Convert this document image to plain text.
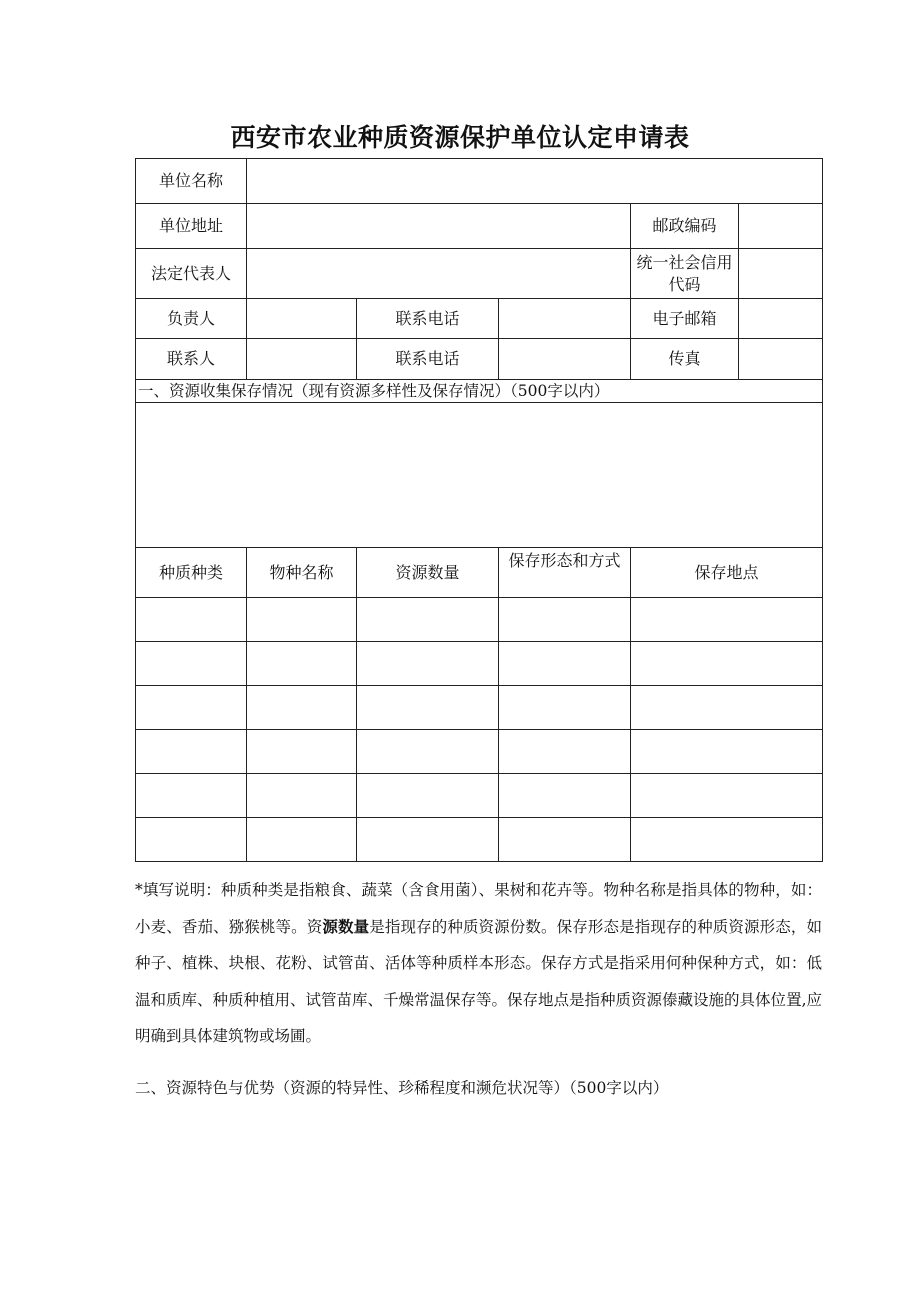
西安市农业种质资源保护单位认定申请表
单位名称					
单位地址				邮政编码	
法定代表人				统一社会信用代码	
负责人		联系电话		电子邮箱	
联系人		联系电话		传真	
一、资源收集保存情况（现有资源多样性及保存情况）（500字以内）					

种质种类	物种名称	资源数量	保存形态和方式	保存地点	

*填写说明：种质种类是指粮食、蔬菜（含食用菌）、果树和花卉等。物种名称是指具体的物种，如：小麦、香茄、猕猴桃等。资源数量是指现存的种质资源份数。保存形态是指现存的种质资源形态，如种子、植株、块根、花粉、试管苗、活体等种质样本形态。保存方式是指采用何种保种方式，如：低温和质库、种质种植用、试管苗库、千燥常温保存等。保存地点是指种质资源傣藏设施的具体位置,应明确到具体建筑物或场圃。
二、资源特色与优势（资源的特异性、珍稀程度和濒危状况等）（500字以内）
